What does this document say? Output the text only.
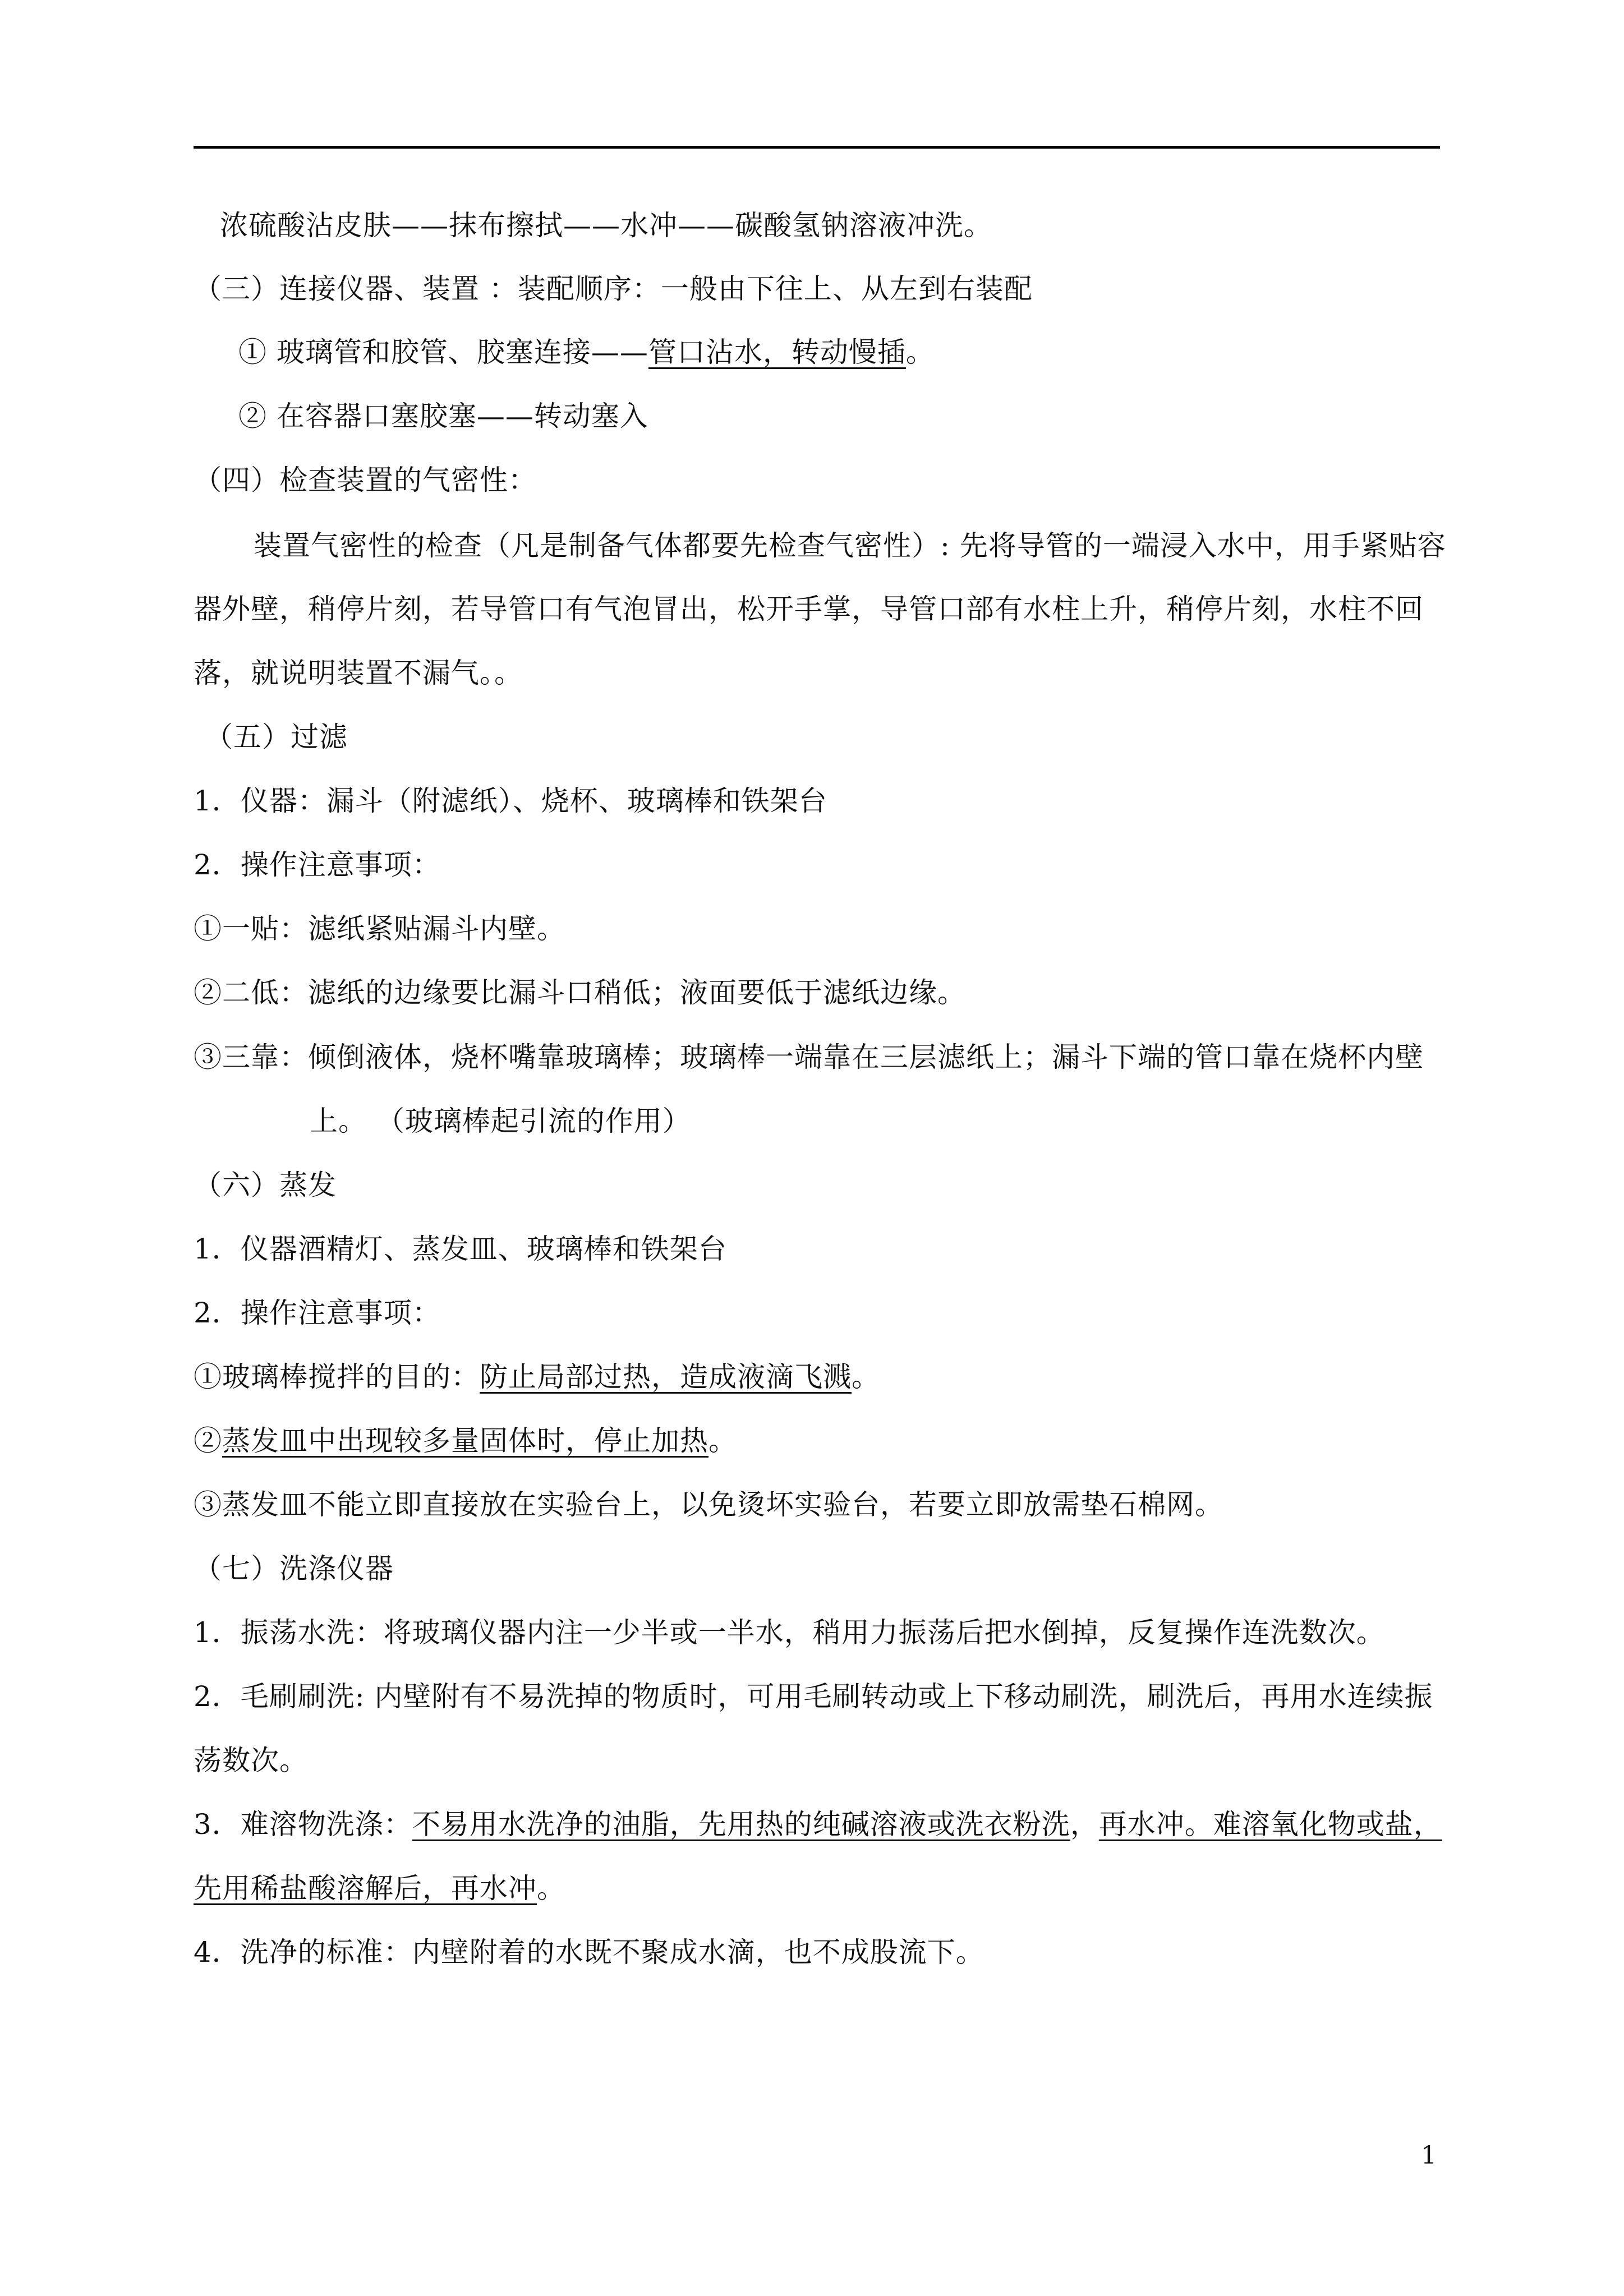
浓硫酸沾皮肤——抹布擦拭——水冲——碳酸氢钠溶液冲洗。
（三）连接仪器、装置 ：装配顺序：一般由下往上、从左到右装配
① 玻璃管和胶管、胶塞连接——管口沾水，转动慢插。
② 在容器口塞胶塞——转动塞入
（四）检查装置的气密性：
装置气密性的检查（凡是制备气体都要先检查气密性）: 先将导管的一端浸入水中，用手紧贴容
器外壁，稍停片刻，若导管口有气泡冒出，松开手掌，导管口部有水柱上升，稍停片刻，水柱不回
落，就说明装置不漏气。。
（五）过滤
1．仪器：漏斗（附滤纸）、烧杯、玻璃棒和铁架台
2．操作注意事项：
①一贴：滤纸紧贴漏斗内壁。
②二低：滤纸的边缘要比漏斗口稍低；液面要低于滤纸边缘。
③三靠：倾倒液体，烧杯嘴靠玻璃棒；玻璃棒一端靠在三层滤纸上；漏斗下端的管口靠在烧杯内壁
上。 （玻璃棒起引流的作用）
（六）蒸发
1．仪器酒精灯、蒸发皿、玻璃棒和铁架台
2．操作注意事项：
①玻璃棒搅拌的目的：防止局部过热，造成液滴飞溅。
②蒸发皿中出现较多量固体时，停止加热。
③蒸发皿不能立即直接放在实验台上，以免烫坏实验台，若要立即放需垫石棉网。
（七）洗涤仪器
1．振荡水洗：将玻璃仪器内注一少半或一半水，稍用力振荡后把水倒掉，反复操作连洗数次。
2．毛刷刷洗: 内壁附有不易洗掉的物质时，可用毛刷转动或上下移动刷洗，刷洗后，再用水连续振
荡数次。
3．难溶物洗涤：不易用水洗净的油脂，先用热的纯碱溶液或洗衣粉洗，再水冲。难溶氧化物或盐，
先用稀盐酸溶解后，再水冲。
4．洗净的标准：内壁附着的水既不聚成水滴，也不成股流下。
1
